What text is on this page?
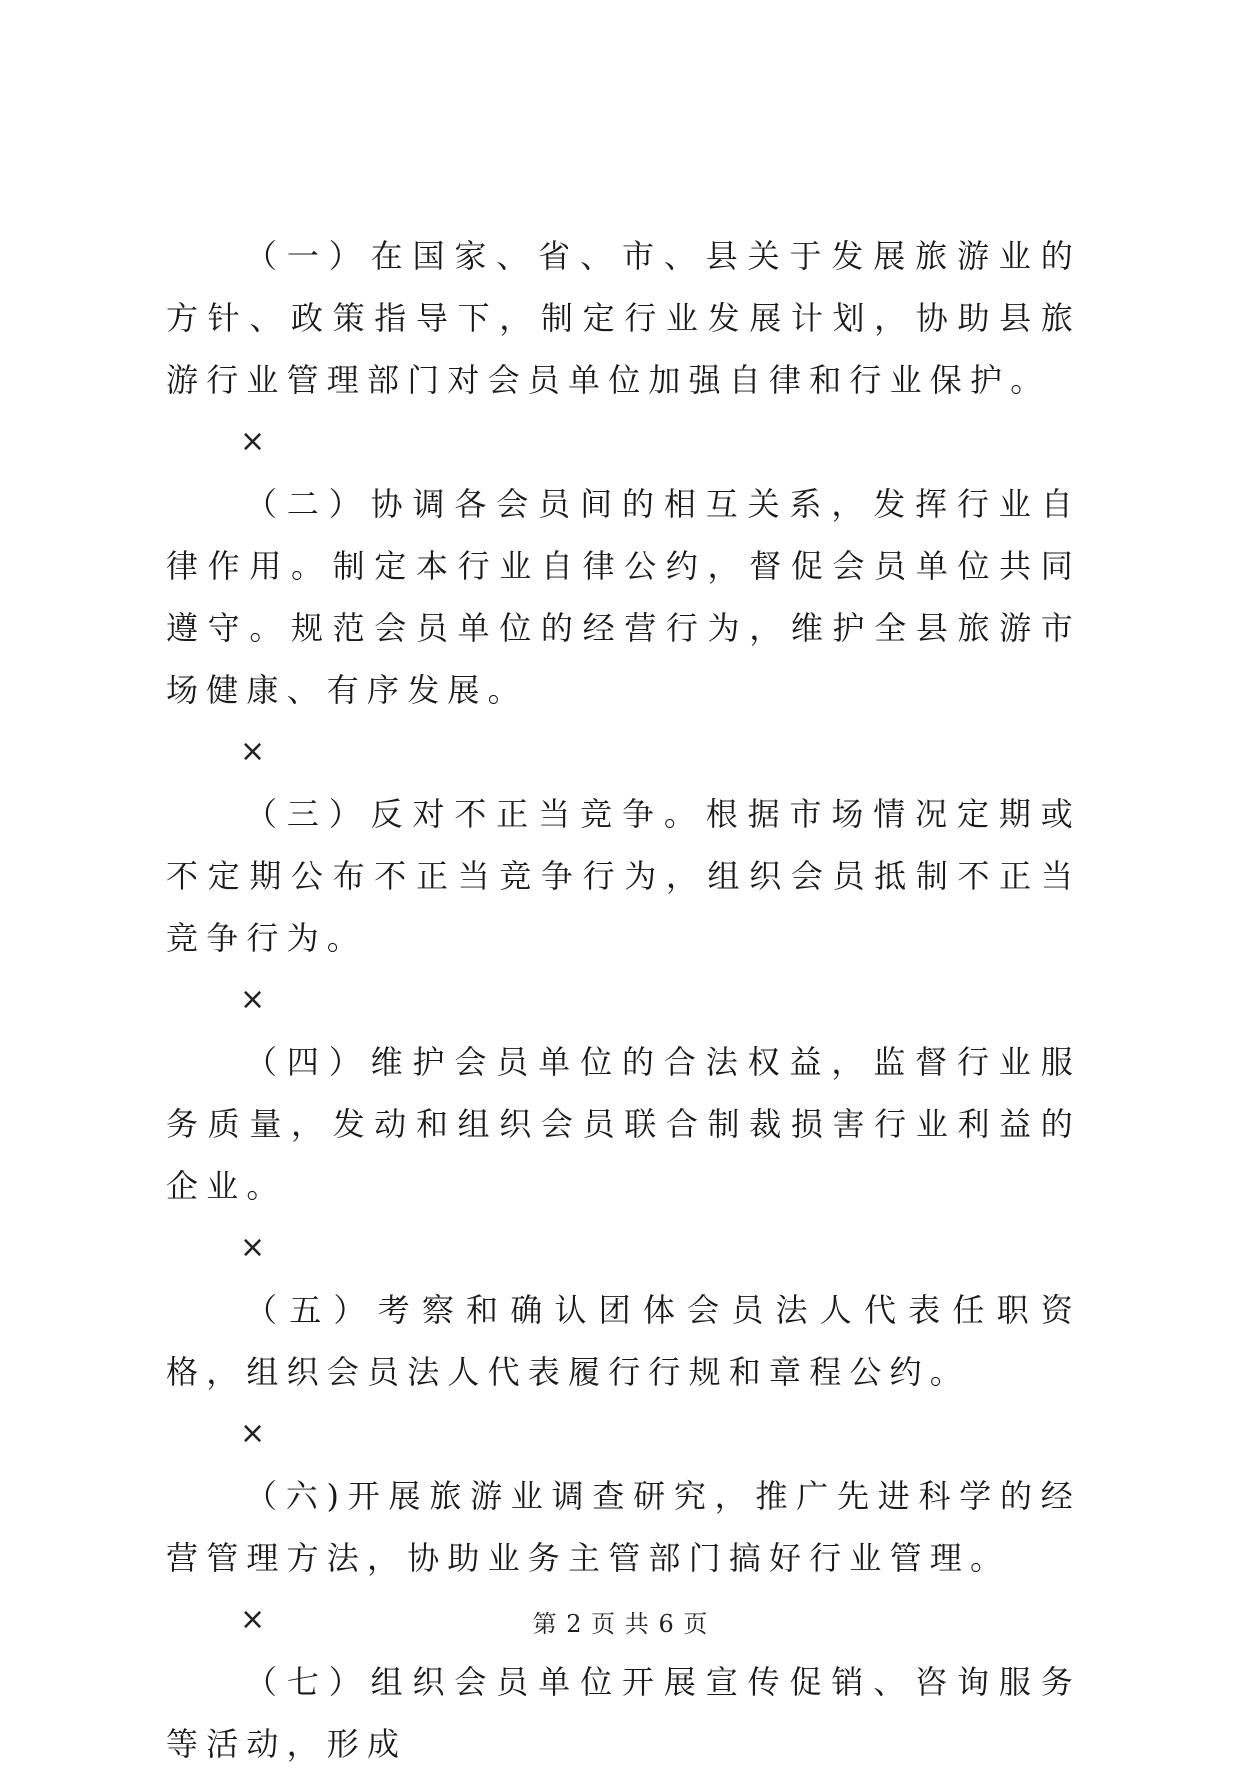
（一）在国家、省、市、县关于发展旅游业的方针、政策指导下，制定行业发展计划，协助县旅游行业管理部门对会员单位加强自律和行业保护。

×

（二）协调各会员间的相互关系，发挥行业自律作用。制定本行业自律公约，督促会员单位共同遵守。规范会员单位的经营行为，维护全县旅游市场健康、有序发展。

×

（三）反对不正当竞争。根据市场情况定期或不定期公布不正当竞争行为，组织会员抵制不正当竞争行为。

×

（四）维护会员单位的合法权益，监督行业服务质量，发动和组织会员联合制裁损害行业利益的企业。

×

（五）考察和确认团体会员法人代表任职资格，组织会员法人代表履行行规和章程公约。

×

（六)开展旅游业调查研究，推广先进科学的经营管理方法，协助业务主管部门搞好行业管理。

×

（七）组织会员单位开展宣传促销、咨询服务等活动，形成

第 2 页 共 6 页
